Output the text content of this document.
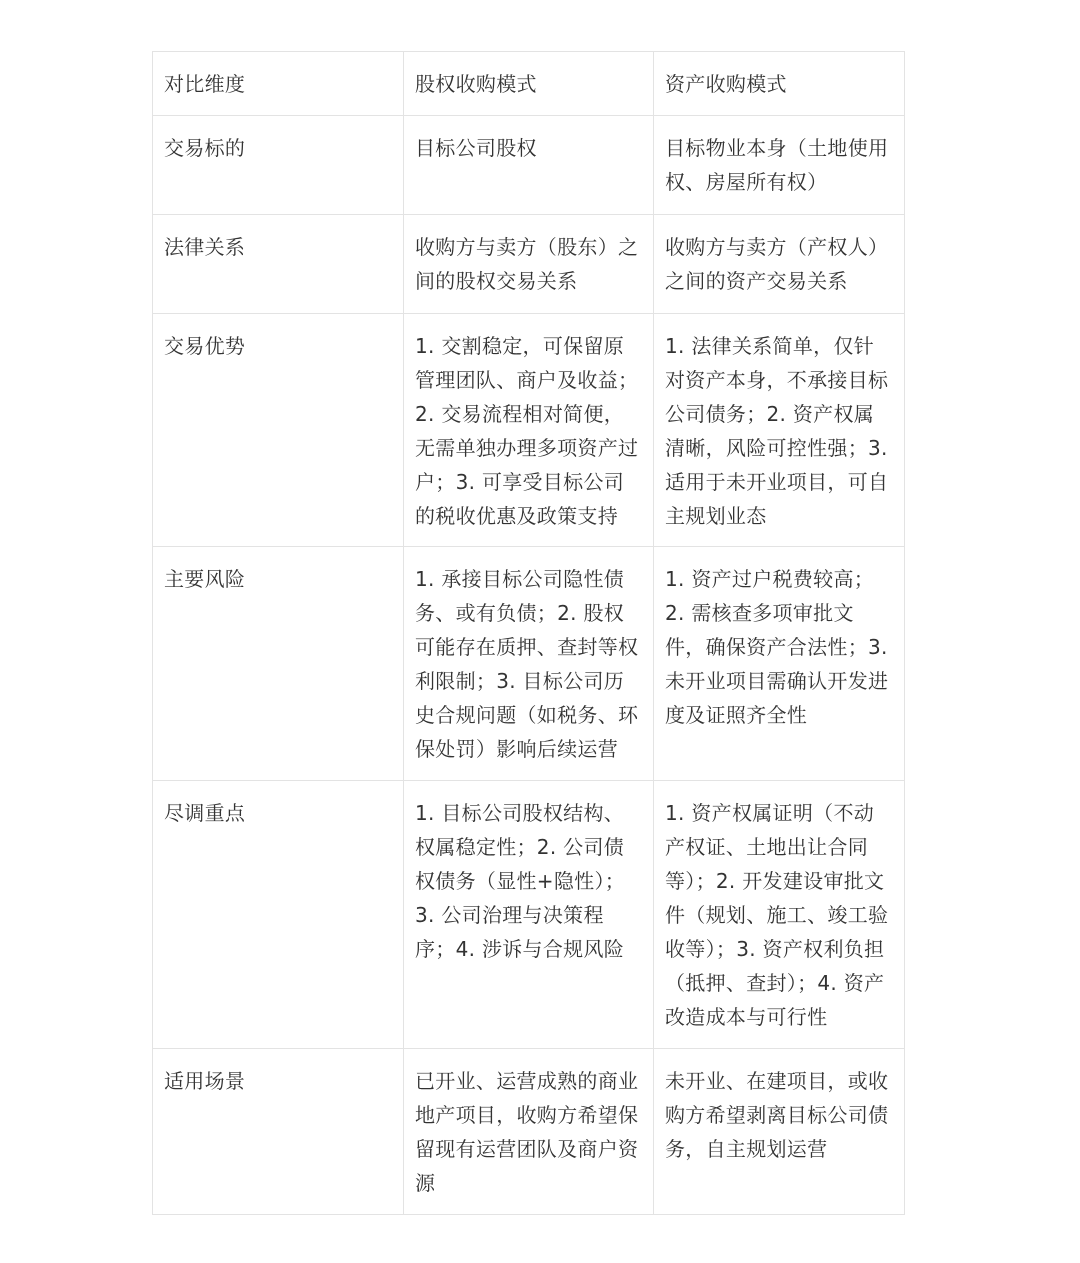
对比维度	股权收购模式	资产收购模式
交易标的	目标公司股权	目标物业本身（土地使用权、房屋所有权）
法律关系	收购方与卖方（股东）之间的股权交易关系	收购方与卖方（产权人）之间的资产交易关系
交易优势	1. 交割稳定，可保留原管理团队、商户及收益；2. 交易流程相对简便，无需单独办理多项资产过户；3. 可享受目标公司的税收优惠及政策支持	1. 法律关系简单，仅针对资产本身，不承接目标公司债务；2. 资产权属清晰，风险可控性强；3. 适用于未开业项目，可自主规划业态
主要风险	1. 承接目标公司隐性债务、或有负债；2. 股权可能存在质押、查封等权利限制；3. 目标公司历史合规问题（如税务、环保处罚）影响后续运营	1. 资产过户税费较高；2. 需核查多项审批文件，确保资产合法性；3. 未开业项目需确认开发进度及证照齐全性
尽调重点	1. 目标公司股权结构、权属稳定性；2. 公司债权债务（显性+隐性）；3. 公司治理与决策程序；4. 涉诉与合规风险	1. 资产权属证明（不动产权证、土地出让合同等）；2. 开发建设审批文件（规划、施工、竣工验收等）；3. 资产权利负担（抵押、查封）；4. 资产改造成本与可行性
适用场景	已开业、运营成熟的商业地产项目，收购方希望保留现有运营团队及商户资源	未开业、在建项目，或收购方希望剥离目标公司债务，自主规划运营
